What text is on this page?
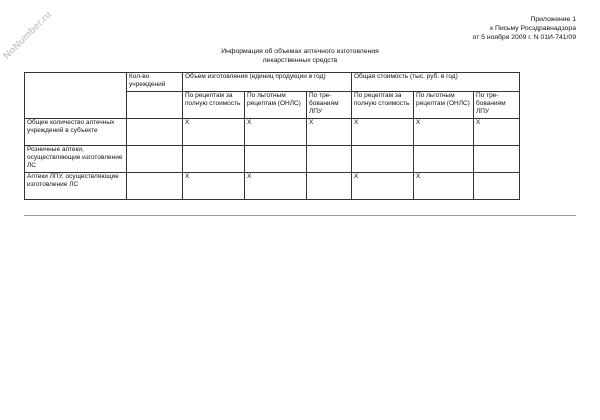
NoNumber.ru	Приложение 1
к Письму Росздравнадзора
от 5 ноября 2009 г. N 01И-741/09
Информация об объемах аптечного изготовления
лекарственных средств
	Кол-во учреждений	Объем изготовления (единиц продукции в год)			Общая стоимость (тыс. руб. в год)		
		По рецептам за полную стоимость	По льготным рецептам (ОНЛС)	По тре-бованиям ЛПУ	По рецептам за полную стоимость	По льготным рецептам (ОНЛС)	По тре-бованиям ЛПУ
Общее количество аптечных учреждений в субъекте		X	X	X	X	X	X
Розничные аптеки, осуществляющие изготовление ЛС							
Аптеки ЛПУ, осуществляющие изготовление ЛС		X	X		X	X	
